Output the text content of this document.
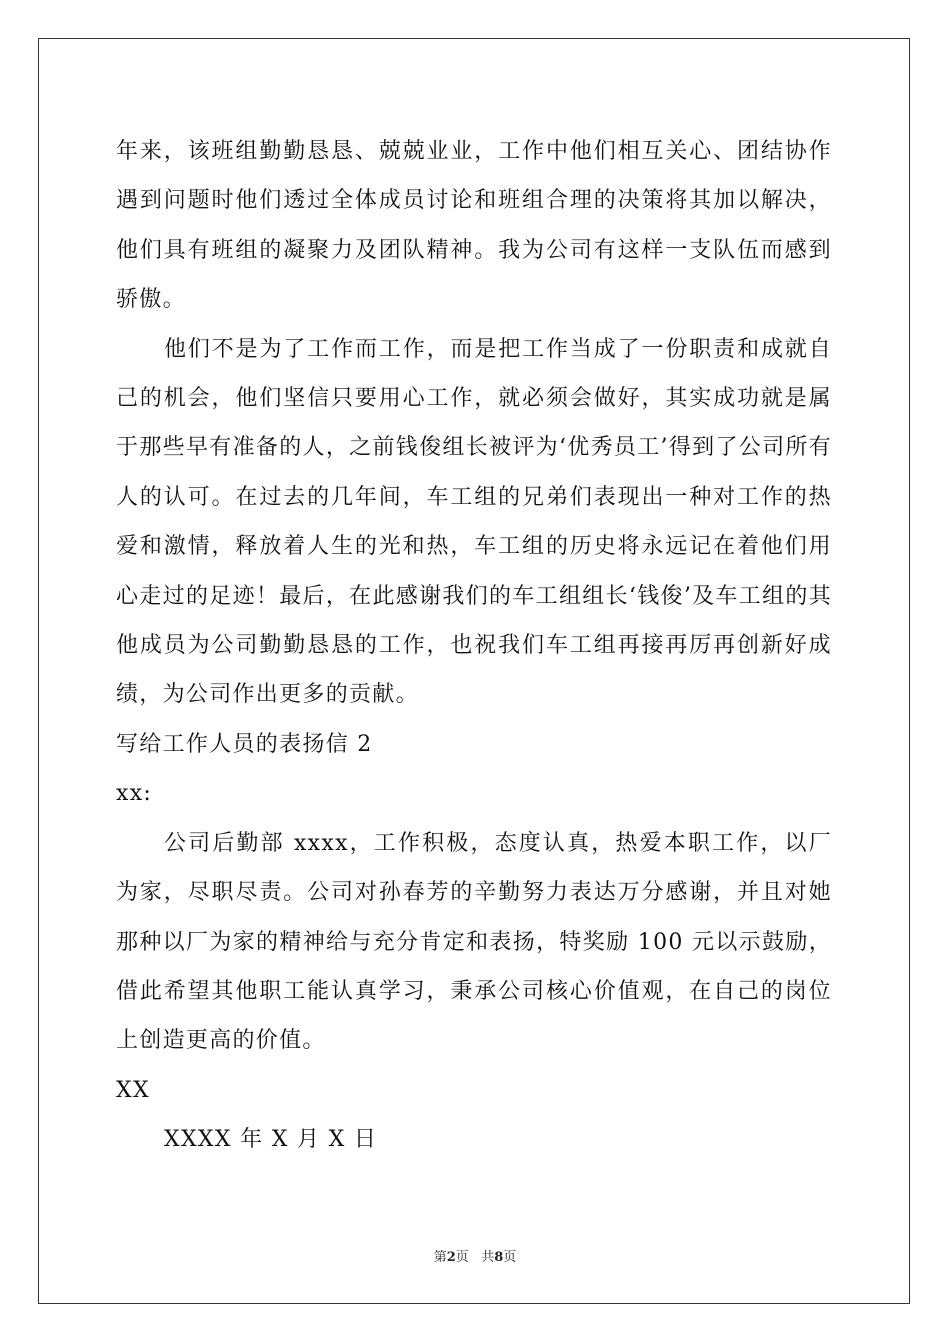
年来，该班组勤勤恳恳、兢兢业业，工作中他们相互关心、团结协作遇到问题时他们透过全体成员讨论和班组合理的决策将其加以解决，他们具有班组的凝聚力及团队精神。我为公司有这样一支队伍而感到骄傲。

他们不是为了工作而工作，而是把工作当成了一份职责和成就自己的机会，他们坚信只要用心工作，就必须会做好，其实成功就是属于那些早有准备的人，之前钱俊组长被评为‘优秀员工’得到了公司所有人的认可。在过去的几年间，车工组的兄弟们表现出一种对工作的热爱和激情，释放着人生的光和热，车工组的历史将永远记在着他们用心走过的足迹！最后，在此感谢我们的车工组组长‘钱俊’及车工组的其他成员为公司勤勤恳恳的工作，也祝我们车工组再接再厉再创新好成绩，为公司作出更多的贡献。

写给工作人员的表扬信 2

xx:

公司后勤部 xxxx，工作积极，态度认真，热爱本职工作，以厂为家，尽职尽责。公司对孙春芳的辛勤努力表达万分感谢，并且对她那种以厂为家的精神给与充分肯定和表扬，特奖励 100 元以示鼓励，借此希望其他职工能认真学习，秉承公司核心价值观，在自己的岗位上创造更高的价值。

XX

XXXX 年 X 月 X 日

第2页 共8页
